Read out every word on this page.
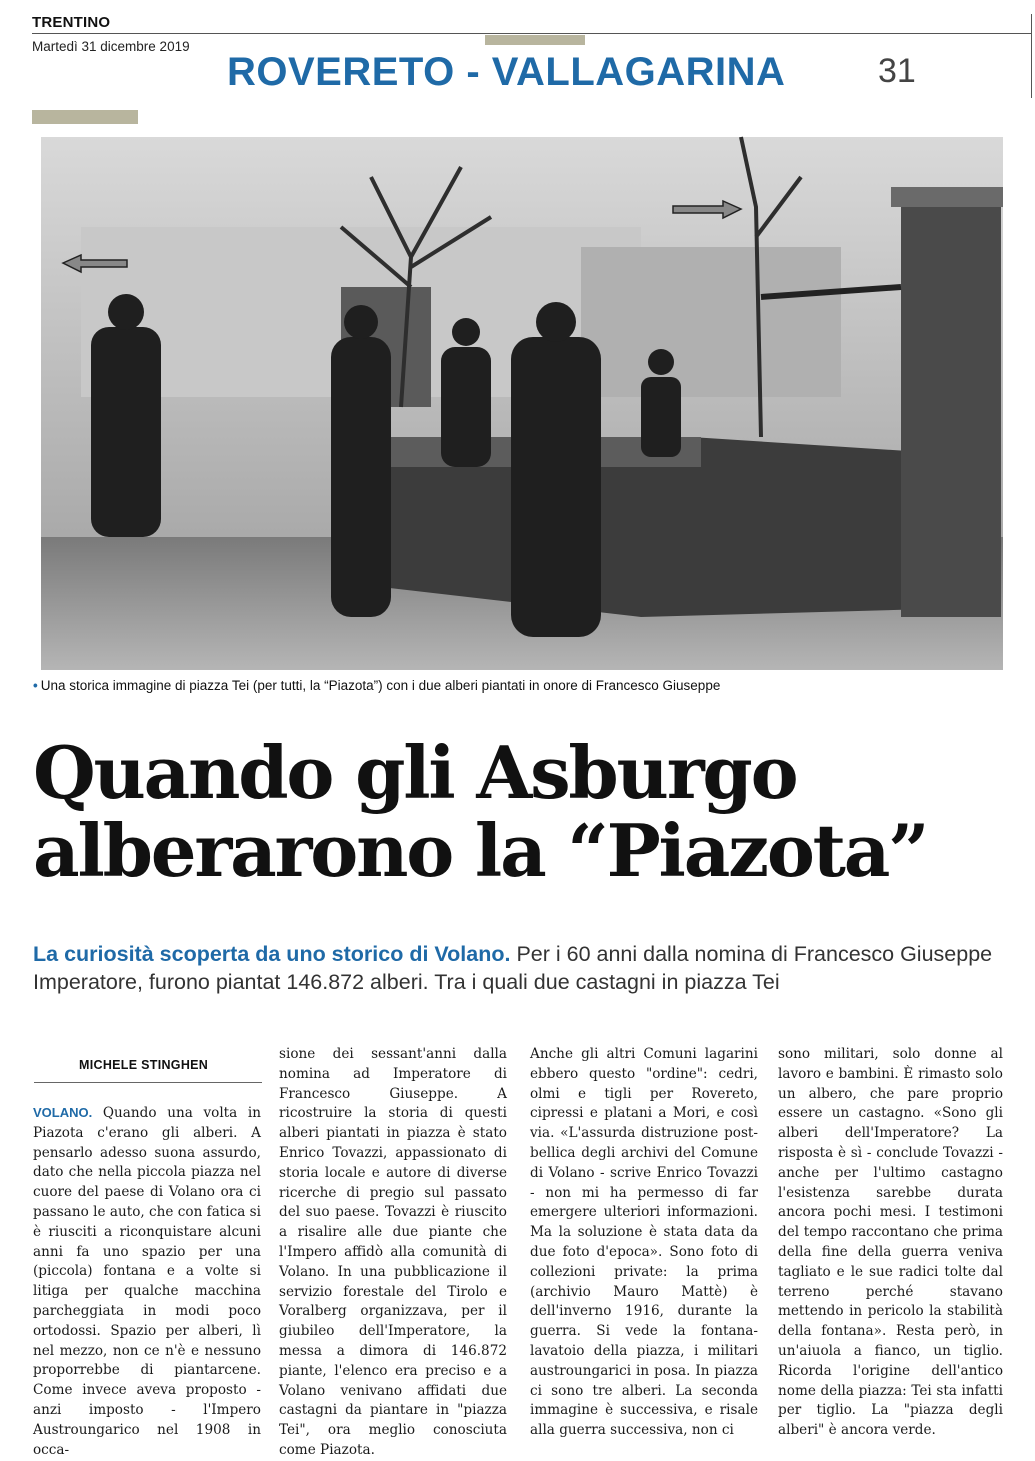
TRENTINO
Martedì 31 dicembre 2019
ROVERETO - VALLAGARINA	31
• Una storica immagine di piazza Tei (per tutti, la “Piazota”) con i due alberi piantati in onore di Francesco Giuseppe
Quando gli Asburgo
alberarono la “Piazota”
La curiosità scoperta da uno storico di Volano. Per i 60 anni dalla nomina di Francesco Giuseppe Imperatore, furono piantat 146.872 alberi. Tra i quali due castagni in piazza Tei
MICHELE STINGHEN
VOLANO. Quando una volta in Piazota c'erano gli alberi. A pensarlo adesso suona assurdo, dato che nella piccola piazza nel cuore del paese di Volano ora ci passano le auto, che con fatica si è riusciti a riconquistare alcuni anni fa uno spazio per una (piccola) fontana e a volte si litiga per qualche macchina parcheggiata in modi poco ortodossi. Spazio per alberi, lì nel mezzo, non ce n'è e nessuno proporrebbe di piantarcene. Come invece aveva proposto - anzi imposto - l'Impero Austroungarico nel 1908 in occa-
sione dei sessant'anni dalla nomina ad Imperatore di Francesco Giuseppe. A ricostruire la storia di questi alberi piantati in piazza è stato Enrico Tovazzi, appassionato di storia locale e autore di diverse ricerche di pregio sul passato del suo paese. Tovazzi è riuscito a risalire alle due piante che l'Impero affidò alla comunità di Volano. In una pubblicazione il servizio forestale del Tirolo e Voralberg organizzava, per il giubileo dell'Imperatore, la messa a dimora di 146.872 piante, l'elenco era preciso e a Volano venivano affidati due castagni da piantare in "piazza Tei", ora meglio conosciuta come Piazota.
Anche gli altri Comuni lagarini ebbero questo "ordine": cedri, olmi e tigli per Rovereto, cipressi e platani a Mori, e così via. «L'assurda distruzione post-bellica degli archivi del Comune di Volano - scrive Enrico Tovazzi - non mi ha permesso di far emergere ulteriori informazioni. Ma la soluzione è stata data da due foto d'epoca». Sono foto di collezioni private: la prima (archivio Mauro Mattè) è dell'inverno 1916, durante la guerra. Si vede la fontana-lavatoio della piazza, i militari austroungarici in posa. In piazza ci sono tre alberi. La seconda immagine è successiva, e risale alla guerra successiva, non ci
sono militari, solo donne al lavoro e bambini. È rimasto solo un albero, che pare proprio essere un castagno. «Sono gli alberi dell'Imperatore? La risposta è sì - conclude Tovazzi - anche per l'ultimo castagno l'esistenza sarebbe durata ancora pochi mesi. I testimoni del tempo raccontano che prima della fine della guerra veniva tagliato e le sue radici tolte dal terreno perché stavano mettendo in pericolo la stabilità della fontana». Resta però, in un'aiuola a fianco, un tiglio. Ricorda l'origine dell'antico nome della piazza: Tei sta infatti per tiglio. La "piazza degli alberi" è ancora verde.
